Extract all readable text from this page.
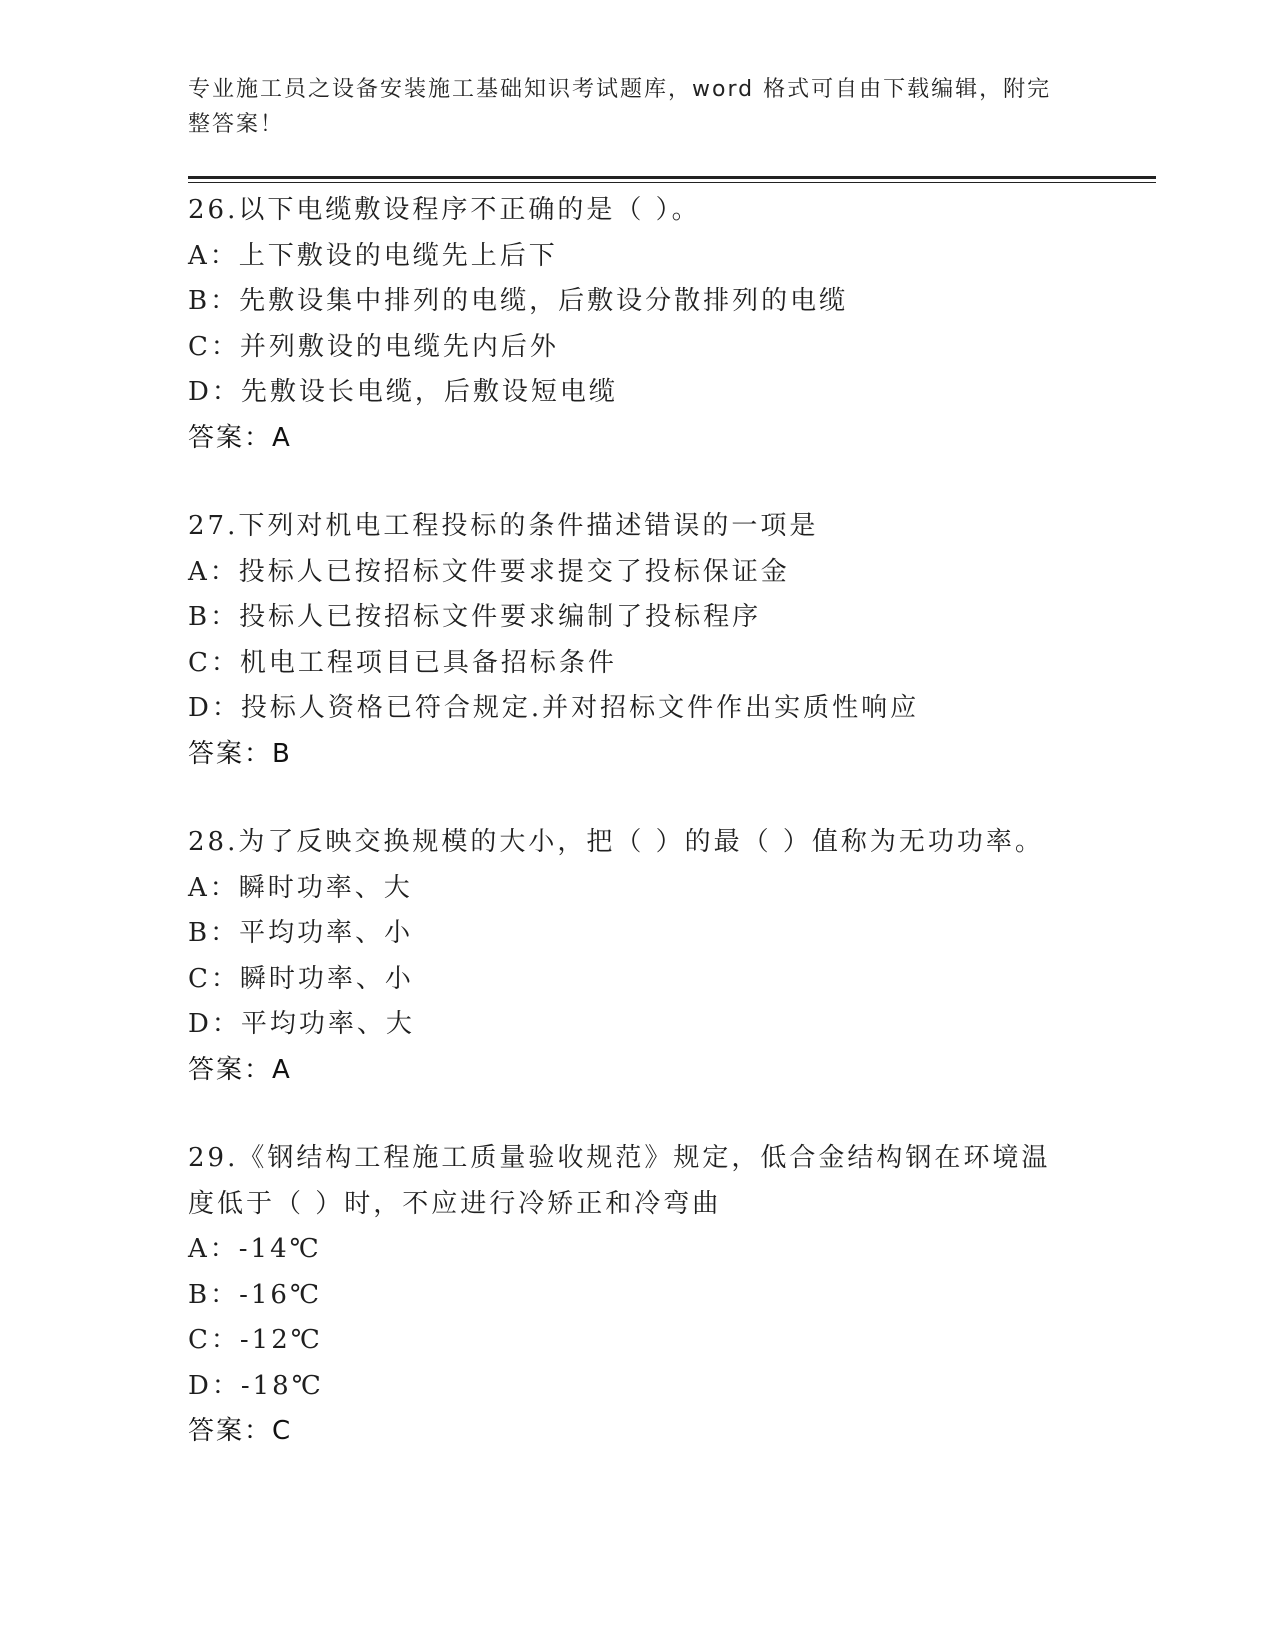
专业施工员之设备安装施工基础知识考试题库，word 格式可自由下载编辑，附完整答案！
26.以下电缆敷设程序不正确的是（ ）。
A：上下敷设的电缆先上后下
B：先敷设集中排列的电缆，后敷设分散排列的电缆
C：并列敷设的电缆先内后外
D：先敷设长电缆，后敷设短电缆
答案：A
27.下列对机电工程投标的条件描述错误的一项是
A：投标人已按招标文件要求提交了投标保证金
B：投标人已按招标文件要求编制了投标程序
C：机电工程项目已具备招标条件
D：投标人资格已符合规定.并对招标文件作出实质性响应
答案：B
28.为了反映交换规模的大小，把（ ）的最（ ）值称为无功功率。
A：瞬时功率、大
B：平均功率、小
C：瞬时功率、小
D：平均功率、大
答案：A
29.《钢结构工程施工质量验收规范》规定，低合金结构钢在环境温度低于（ ）时，不应进行冷矫正和冷弯曲
A：-14℃
B：-16℃
C：-12℃
D：-18℃
答案：C
